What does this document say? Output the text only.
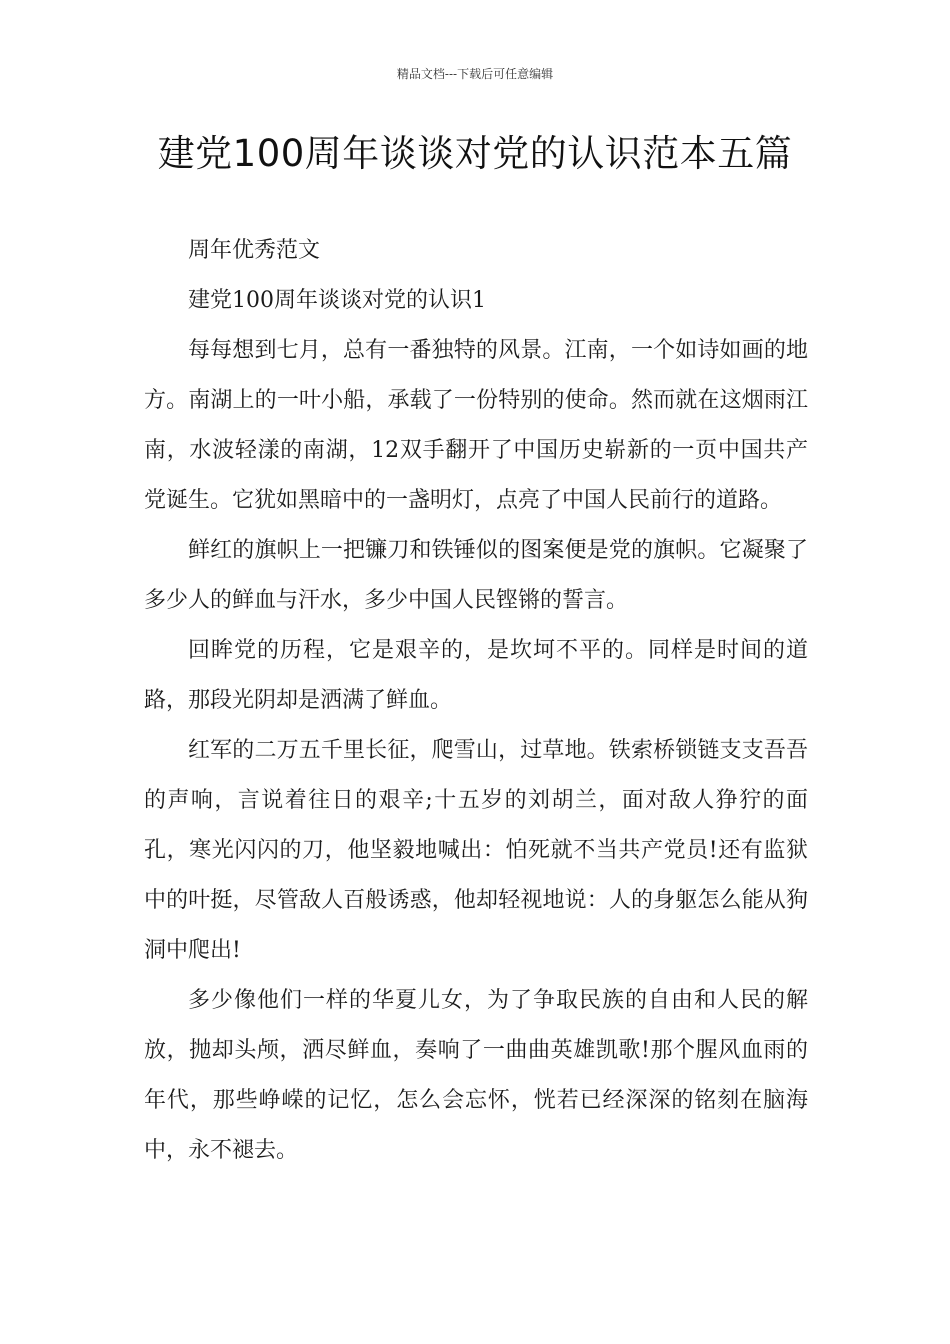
精品文档---下载后可任意编辑
建党100周年谈谈对党的认识范本五篇

周年优秀范文

建党100周年谈谈对党的认识1

每每想到七月，总有一番独特的风景。江南，一个如诗如画的地方。南湖上的一叶小船，承载了一份特别的使命。然而就在这烟雨江南，水波轻漾的南湖，12双手翻开了中国历史崭新的一页中国共产党诞生。它犹如黑暗中的一盏明灯，点亮了中国人民前行的道路。

鲜红的旗帜上一把镰刀和铁锤似的图案便是党的旗帜。它凝聚了多少人的鲜血与汗水，多少中国人民铿锵的誓言。

回眸党的历程，它是艰辛的，是坎坷不平的。同样是时间的道路，那段光阴却是洒满了鲜血。

红军的二万五千里长征，爬雪山，过草地。铁索桥锁链支支吾吾的声响，言说着往日的艰辛;十五岁的刘胡兰，面对敌人狰狞的面孔，寒光闪闪的刀，他坚毅地喊出：怕死就不当共产党员!还有监狱中的叶挺，尽管敌人百般诱惑，他却轻视地说：人的身躯怎么能从狗洞中爬出!

多少像他们一样的华夏儿女，为了争取民族的自由和人民的解放，抛却头颅，洒尽鲜血，奏响了一曲曲英雄凯歌!那个腥风血雨的年代，那些峥嵘的记忆，怎么会忘怀，恍若已经深深的铭刻在脑海中，永不褪去。
